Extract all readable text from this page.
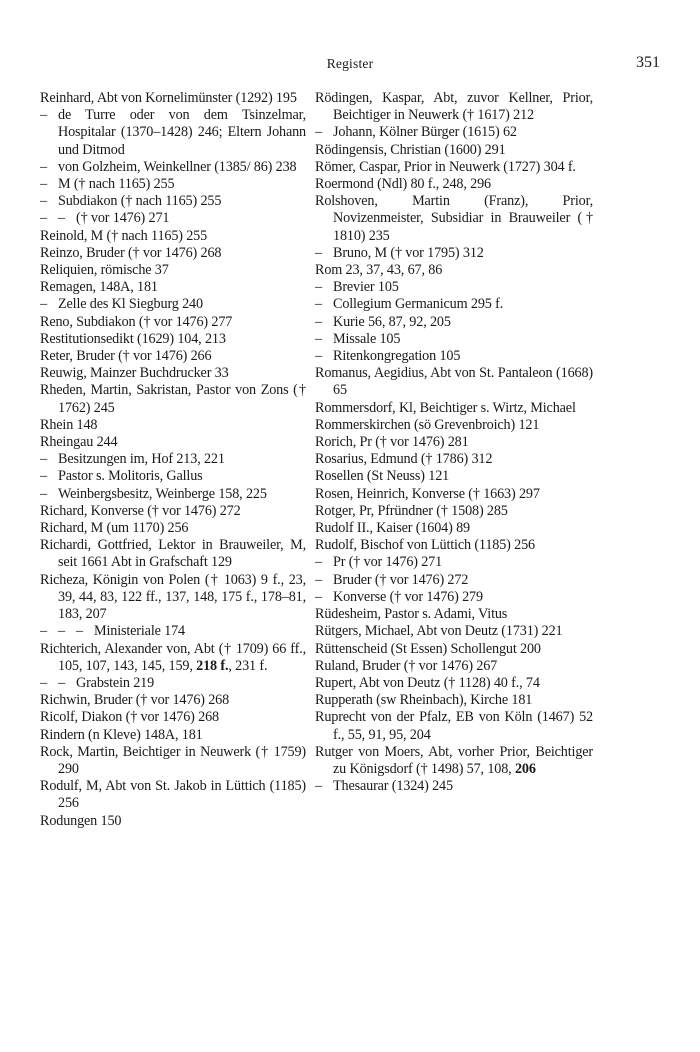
Register	351
Reinhard, Abt von Kornelimünster (1292) 195
– de Turre oder von dem Tsinzelmar, Hospitalar (1370–1428) 246; Eltern Johann und Ditmod
– von Golzheim, Weinkellner (1385/ 86) 238
– M († nach 1165) 255
– Subdiakon († nach 1165) 255
– – († vor 1476) 271
Reinold, M († nach 1165) 255
Reinzo, Bruder († vor 1476) 268
Reliquien, römische 37
Remagen, 148A, 181
– Zelle des Kl Siegburg 240
Reno, Subdiakon († vor 1476) 277
Restitutionsedikt (1629) 104, 213
Reter, Bruder († vor 1476) 266
Reuwig, Mainzer Buchdrucker 33
Rheden, Martin, Sakristan, Pastor von Zons († 1762) 245
Rhein 148
Rheingau 244
– Besitzungen im, Hof 213, 221
– Pastor s. Molitoris, Gallus
– Weinbergsbesitz, Weinberge 158, 225
Richard, Konverse († vor 1476) 272
Richard, M (um 1170) 256
Richardi, Gottfried, Lektor in Brauweiler, M, seit 1661 Abt in Grafschaft 129
Richeza, Königin von Polen († 1063) 9 f., 23, 39, 44, 83, 122 ff., 137, 148, 175 f., 178–81, 183, 207
– – – Ministeriale 174
Richterich, Alexander von, Abt († 1709) 66 ff., 105, 107, 143, 145, 159, 218 f., 231 f.
– – Grabstein 219
Richwin, Bruder († vor 1476) 268
Ricolf, Diakon († vor 1476) 268
Rindern (n Kleve) 148A, 181
Rock, Martin, Beichtiger in Neuwerk († 1759) 290
Rodulf, M, Abt von St. Jakob in Lüttich (1185) 256
Rodungen 150
Rödingen, Kaspar, Abt, zuvor Kellner, Prior, Beichtiger in Neuwerk († 1617) 212
– Johann, Kölner Bürger (1615) 62
Rödingensis, Christian (1600) 291
Römer, Caspar, Prior in Neuwerk (1727) 304 f.
Roermond (Ndl) 80 f., 248, 296
Rolshoven, Martin (Franz), Prior, Novizenmeister, Subsidiar in Brauweiler († 1810) 235
– Bruno, M († vor 1795) 312
Rom 23, 37, 43, 67, 86
– Brevier 105
– Collegium Germanicum 295 f.
– Kurie 56, 87, 92, 205
– Missale 105
– Ritenkongregation 105
Romanus, Aegidius, Abt von St. Pantaleon (1668) 65
Rommersdorf, Kl, Beichtiger s. Wirtz, Michael
Rommerskirchen (sö Grevenbroich) 121
Rorich, Pr († vor 1476) 281
Rosarius, Edmund († 1786) 312
Rosellen (St Neuss) 121
Rosen, Heinrich, Konverse († 1663) 297
Rotger, Pr, Pfründner († 1508) 285
Rudolf II., Kaiser (1604) 89
Rudolf, Bischof von Lüttich (1185) 256
– Pr († vor 1476) 271
– Bruder († vor 1476) 272
– Konverse († vor 1476) 279
Rüdesheim, Pastor s. Adami, Vitus
Rütgers, Michael, Abt von Deutz (1731) 221
Rüttenscheid (St Essen) Schollengut 200
Ruland, Bruder († vor 1476) 267
Rupert, Abt von Deutz († 1128) 40 f., 74
Rupperath (sw Rheinbach), Kirche 181
Ruprecht von der Pfalz, EB von Köln (1467) 52 f., 55, 91, 95, 204
Rutger von Moers, Abt, vorher Prior, Beichtiger zu Königsdorf († 1498) 57, 108, 206
– Thesaurar (1324) 245
